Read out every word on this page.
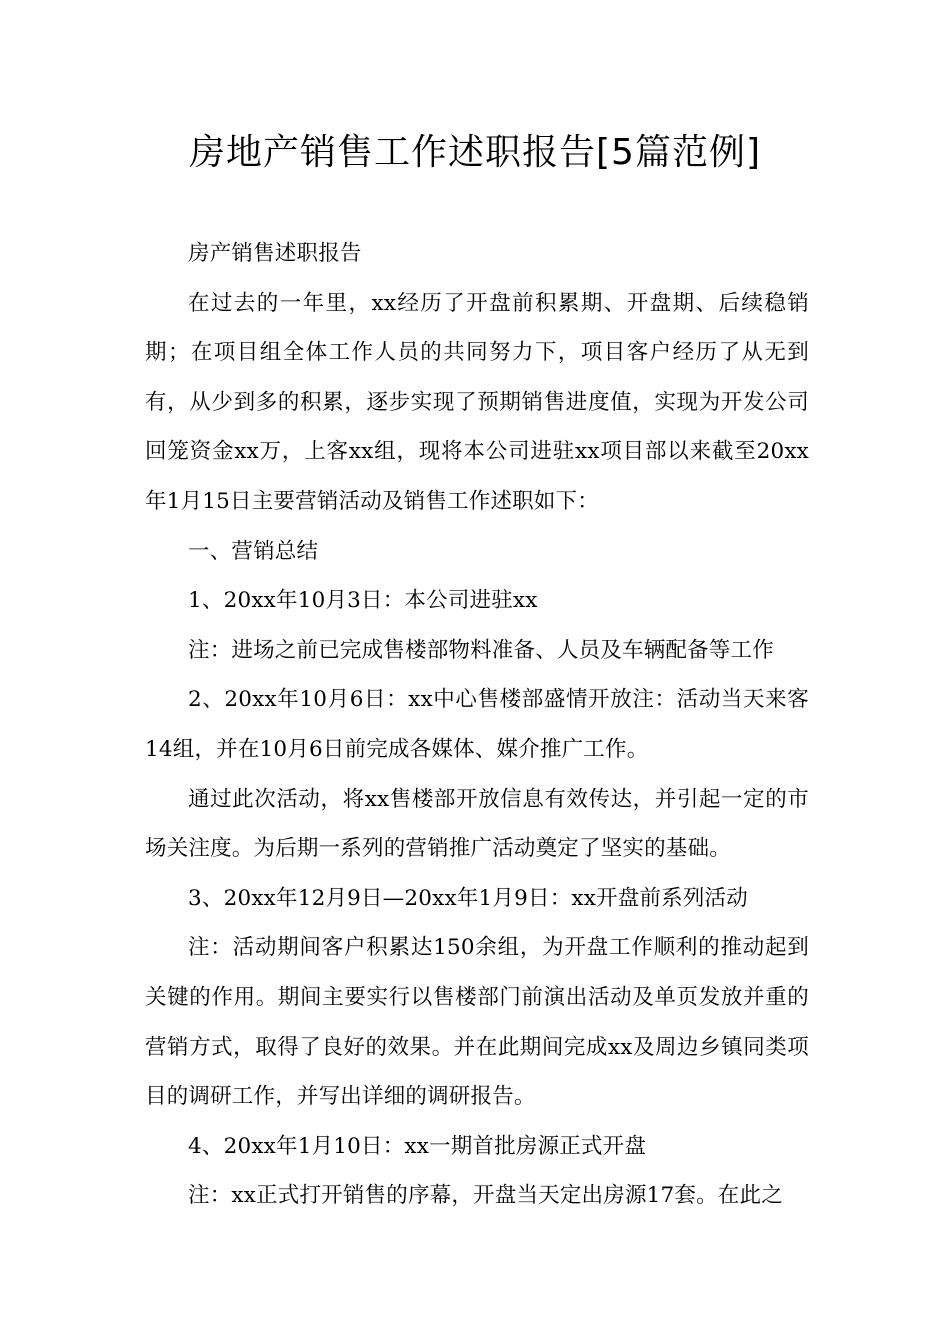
房地产销售工作述职报告[5篇范例]

房产销售述职报告

在过去的一年里，xx经历了开盘前积累期、开盘期、后续稳销期；在项目组全体工作人员的共同努力下，项目客户经历了从无到有，从少到多的积累，逐步实现了预期销售进度值，实现为开发公司回笼资金xx万，上客xx组，现将本公司进驻xx项目部以来截至20xx年1月15日主要营销活动及销售工作述职如下：

一、营销总结

1、20xx年10月3日：本公司进驻xx

注：进场之前已完成售楼部物料准备、人员及车辆配备等工作

2、20xx年10月6日：xx中心售楼部盛情开放注：活动当天来客14组，并在10月6日前完成各媒体、媒介推广工作。

通过此次活动，将xx售楼部开放信息有效传达，并引起一定的市场关注度。为后期一系列的营销推广活动奠定了坚实的基础。

3、20xx年12月9日—20xx年1月9日：xx开盘前系列活动

注：活动期间客户积累达150余组，为开盘工作顺利的推动起到关键的作用。期间主要实行以售楼部门前演出活动及单页发放并重的营销方式，取得了良好的效果。并在此期间完成xx及周边乡镇同类项目的调研工作，并写出详细的调研报告。

4、20xx年1月10日：xx一期首批房源正式开盘

注：xx正式打开销售的序幕，开盘当天定出房源17套。在此之
